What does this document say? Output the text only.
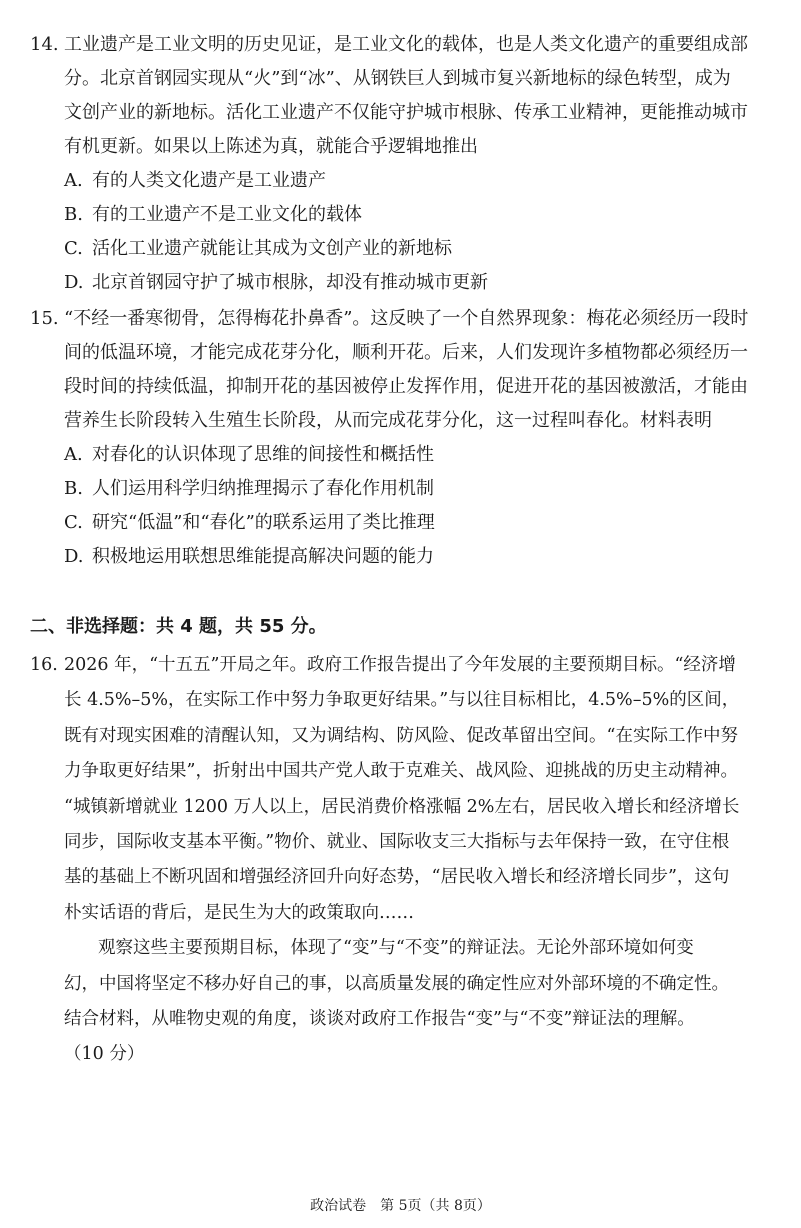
14. 工业遗产是工业文明的历史见证，是工业文化的载体，也是人类文化遗产的重要组成部
分。北京首钢园实现从“火”到“冰”、从钢铁巨人到城市复兴新地标的绿色转型，成为
文创产业的新地标。活化工业遗产不仅能守护城市根脉、传承工业精神，更能推动城市
有机更新。如果以上陈述为真，就能合乎逻辑地推出
A. 有的人类文化遗产是工业遗产
B. 有的工业遗产不是工业文化的载体
C. 活化工业遗产就能让其成为文创产业的新地标
D. 北京首钢园守护了城市根脉，却没有推动城市更新
15. “不经一番寒彻骨，怎得梅花扑鼻香”。这反映了一个自然界现象：梅花必须经历一段时
间的低温环境，才能完成花芽分化，顺利开花。后来，人们发现许多植物都必须经历一
段时间的持续低温，抑制开花的基因被停止发挥作用，促进开花的基因被激活，才能由
营养生长阶段转入生殖生长阶段，从而完成花芽分化，这一过程叫春化。材料表明
A. 对春化的认识体现了思维的间接性和概括性
B. 人们运用科学归纳推理揭示了春化作用机制
C. 研究“低温”和“春化”的联系运用了类比推理
D. 积极地运用联想思维能提高解决问题的能力
二、非选择题：共 4 题，共 55 分。
16. 2026 年，“十五五”开局之年。政府工作报告提出了今年发展的主要预期目标。“经济增
长 4.5%–5%，在实际工作中努力争取更好结果。”与以往目标相比，4.5%–5%的区间，
既有对现实困难的清醒认知，又为调结构、防风险、促改革留出空间。“在实际工作中努
力争取更好结果”，折射出中国共产党人敢于克难关、战风险、迎挑战的历史主动精神。
“城镇新增就业 1200 万人以上，居民消费价格涨幅 2%左右，居民收入增长和经济增长
同步，国际收支基本平衡。”物价、就业、国际收支三大指标与去年保持一致，在守住根
基的基础上不断巩固和增强经济回升向好态势，“居民收入增长和经济增长同步”，这句
朴实话语的背后，是民生为大的政策取向……
观察这些主要预期目标，体现了“变”与“不变”的辩证法。无论外部环境如何变
幻，中国将坚定不移办好自己的事，以高质量发展的确定性应对外部环境的不确定性。
结合材料，从唯物史观的角度，谈谈对政府工作报告“变”与“不变”辩证法的理解。
（10 分）
政治试卷　第 5页（共 8页）
